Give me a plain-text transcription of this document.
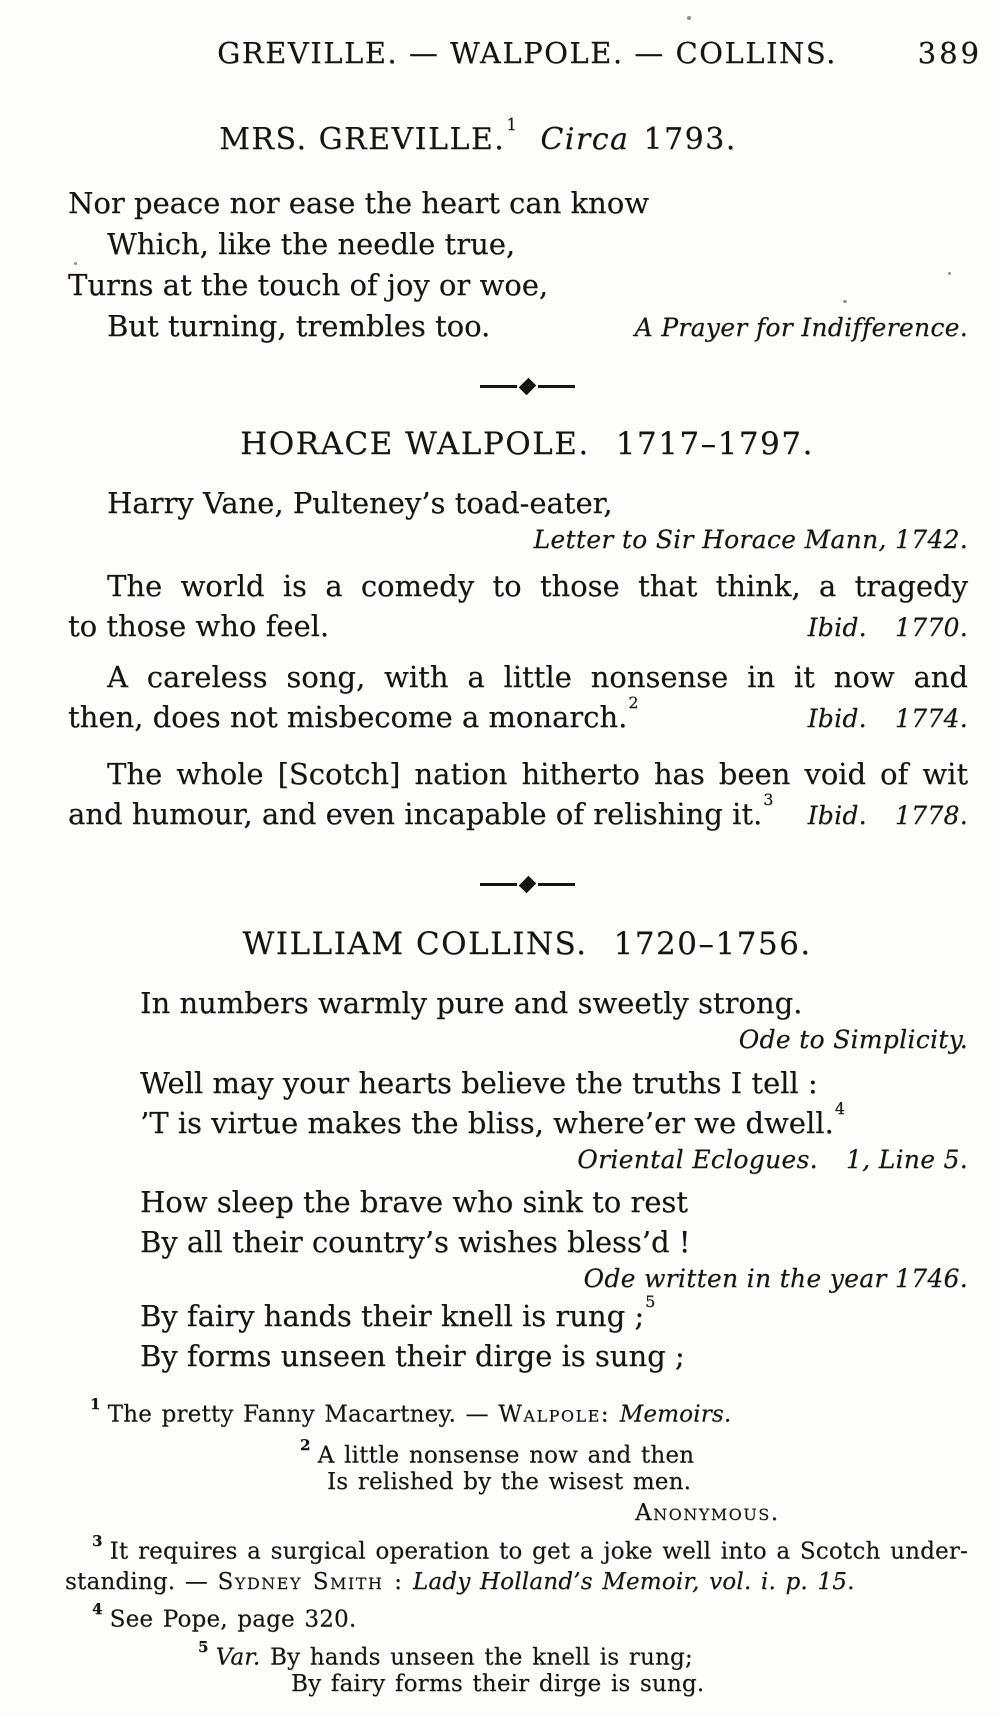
GREVILLE. — WALPOLE. — COLLINS.	389
MRS. GREVILLE.$^1$ Circa 1793.
Nor peace nor ease the heart can know
Which, like the needle true,
Turns at the touch of joy or woe,
But turning, trembles too.	A Prayer for Indifference.
HORACE WALPOLE. 1717–1797.
Harry Vane, Pulteney’s toad-eater,
Letter to Sir Horace Mann, 1742.
The world is a comedy to those that think, a tragedy
to those who feel.	Ibid. 1770.
A careless song, with a little nonsense in it now and
then, does not misbecome a monarch.$^2$
Ibid. 1774.
The whole [Scotch] nation hitherto has been void of wit
and humour, and even incapable of relishing it.$^3$
Ibid. 1778.
WILLIAM COLLINS. 1720–1756.
In numbers warmly pure and sweetly strong.
Ode to Simplicity.
Well may your hearts believe the truths I tell :
’T is virtue makes the bliss, where’er we dwell.$^4$
Oriental Eclogues. 1, Line 5.
How sleep the brave who sink to rest
By all their country’s wishes bless’d !
Ode written in the year 1746.
By fairy hands their knell is rung ;$^5$
By forms unseen their dirge is sung ;
$^1$ The pretty Fanny Macartney. — Walpole: Memoirs.
$^2$ A little nonsense now and then
Is relished by the wisest men.
Anonymous.
$^3$ It requires a surgical operation to get a joke well into a Scotch under-
standing. — Sydney Smith : Lady Holland’s Memoir, vol. i. p. 15.
$^4$ See Pope, page 320.
$^5$ Var. By hands unseen the knell is rung;
By fairy forms their dirge is sung.
